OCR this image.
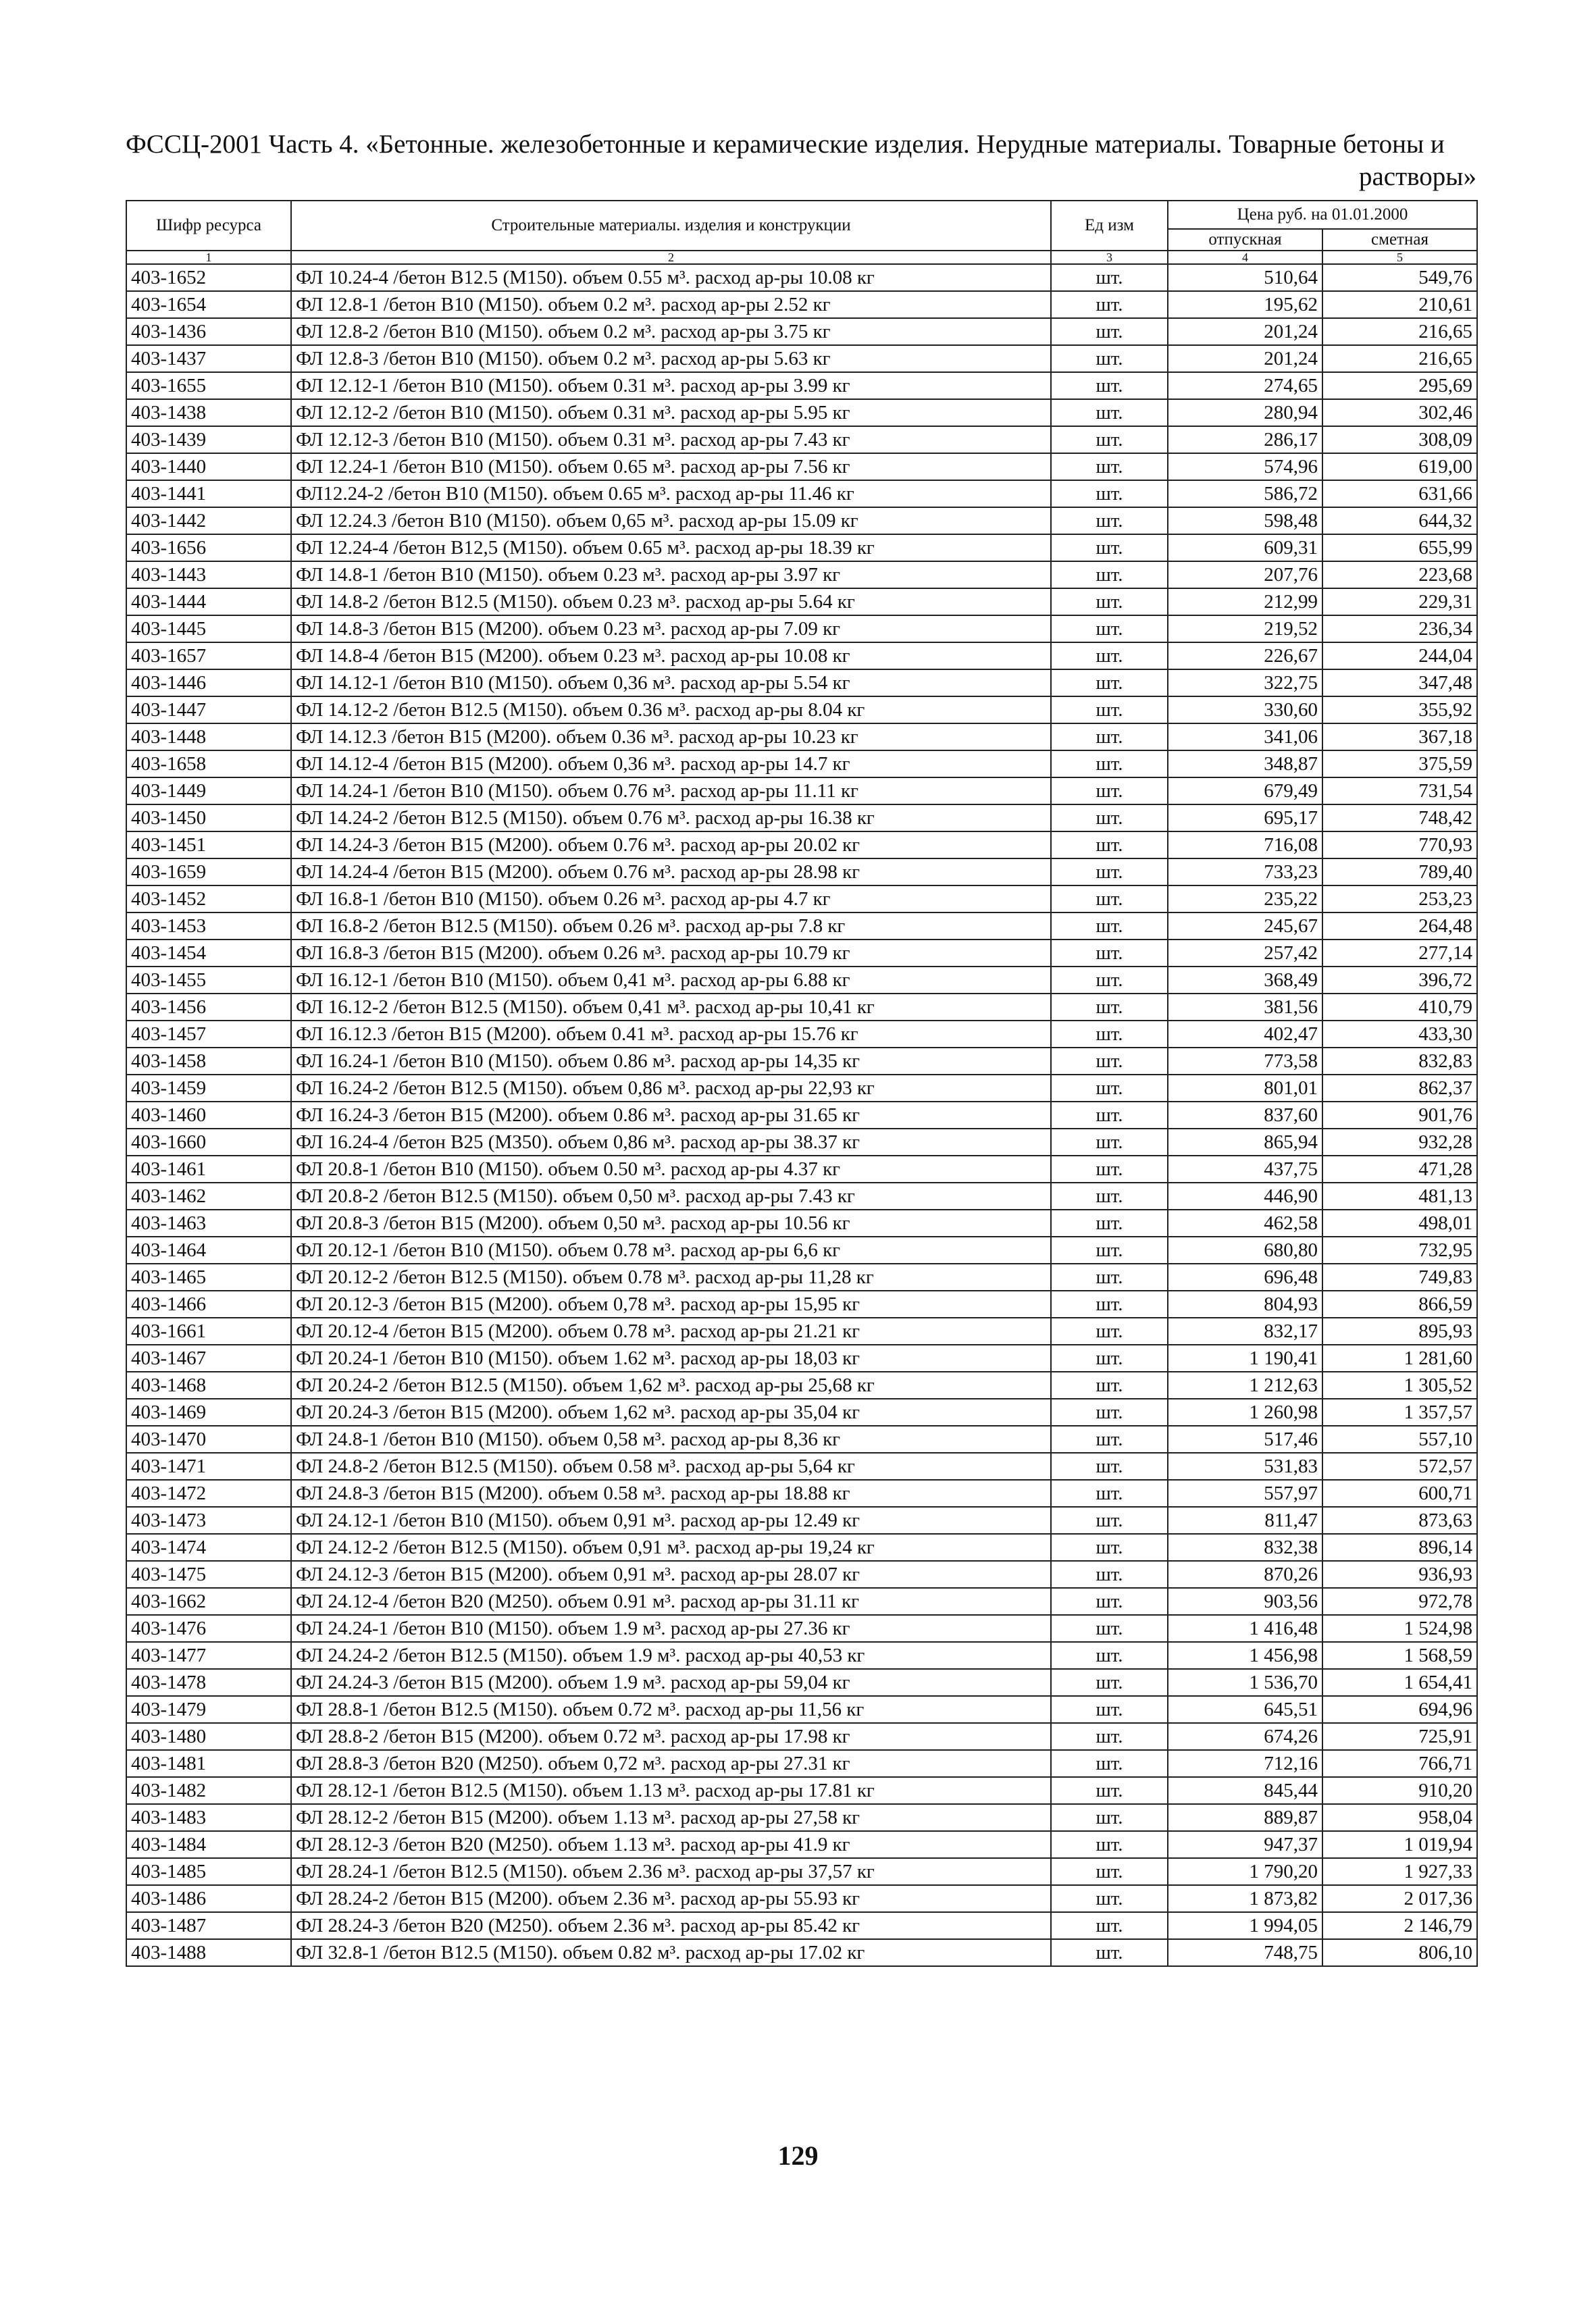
ФССЦ-2001 Часть 4. «Бетонные. железобетонные и керамические изделия. Нерудные материалы. Товарные бетоны и
растворы»
Шифр ресурса	Строительные материалы. изделия и конструкции	Ед изм	Цена руб. на 01.01.2000	
			отпускная	сметная
1	2	3	4	5
403-1652	ФЛ 10.24-4 /бетон В12.5 (М150). объем 0.55 м³. расход ар-ры 10.08 кг	шт.	510,64	549,76
403-1654	ФЛ 12.8-1 /бетон В10 (М150). объем 0.2 м³. расход ар-ры 2.52 кг	шт.	195,62	210,61
403-1436	ФЛ 12.8-2 /бетон В10 (М150). объем 0.2 м³. расход ар-ры 3.75 кг	шт.	201,24	216,65
403-1437	ФЛ 12.8-3 /бетон В10 (М150). объем 0.2 м³. расход ар-ры 5.63 кг	шт.	201,24	216,65
403-1655	ФЛ 12.12-1 /бетон В10 (М150). объем 0.31 м³. расход ар-ры 3.99 кг	шт.	274,65	295,69
403-1438	ФЛ 12.12-2 /бетон В10 (М150). объем 0.31 м³. расход ар-ры 5.95 кг	шт.	280,94	302,46
403-1439	ФЛ 12.12-3 /бетон В10 (М150). объем 0.31 м³. расход ар-ры 7.43 кг	шт.	286,17	308,09
403-1440	ФЛ 12.24-1 /бетон В10 (М150). объем 0.65 м³. расход ар-ры 7.56 кг	шт.	574,96	619,00
403-1441	ФЛ12.24-2 /бетон В10 (М150). объем 0.65 м³. расход ар-ры 11.46 кг	шт.	586,72	631,66
403-1442	ФЛ 12.24.3 /бетон В10 (М150). объем 0,65 м³. расход ар-ры 15.09 кг	шт.	598,48	644,32
403-1656	ФЛ 12.24-4 /бетон В12,5 (М150). объем 0.65 м³. расход ар-ры 18.39 кг	шт.	609,31	655,99
403-1443	ФЛ 14.8-1 /бетон В10 (М150). объем 0.23 м³. расход ар-ры 3.97 кг	шт.	207,76	223,68
403-1444	ФЛ 14.8-2 /бетон В12.5 (М150). объем 0.23 м³. расход ар-ры 5.64 кг	шт.	212,99	229,31
403-1445	ФЛ 14.8-3 /бетон В15 (М200). объем 0.23 м³. расход ар-ры 7.09 кг	шт.	219,52	236,34
403-1657	ФЛ 14.8-4 /бетон В15 (М200). объем 0.23 м³. расход ар-ры 10.08 кг	шт.	226,67	244,04
403-1446	ФЛ 14.12-1 /бетон В10 (М150). объем 0,36 м³. расход ар-ры 5.54 кг	шт.	322,75	347,48
403-1447	ФЛ 14.12-2 /бетон В12.5 (М150). объем 0.36 м³. расход ар-ры 8.04 кг	шт.	330,60	355,92
403-1448	ФЛ 14.12.3 /бетон В15 (М200). объем 0.36 м³. расход ар-ры 10.23 кг	шт.	341,06	367,18
403-1658	ФЛ 14.12-4 /бетон В15 (М200). объем 0,36 м³. расход ар-ры 14.7 кг	шт.	348,87	375,59
403-1449	ФЛ 14.24-1 /бетон В10 (М150). объем 0.76 м³. расход ар-ры 11.11 кг	шт.	679,49	731,54
403-1450	ФЛ 14.24-2 /бетон В12.5 (М150). объем 0.76 м³. расход ар-ры 16.38 кг	шт.	695,17	748,42
403-1451	ФЛ 14.24-3 /бетон В15 (М200). объем 0.76 м³. расход ар-ры 20.02 кг	шт.	716,08	770,93
403-1659	ФЛ 14.24-4 /бетон В15 (М200). объем 0.76 м³. расход ар-ры 28.98 кг	шт.	733,23	789,40
403-1452	ФЛ 16.8-1 /бетон В10 (М150). объем 0.26 м³. расход ар-ры 4.7 кг	шт.	235,22	253,23
403-1453	ФЛ 16.8-2 /бетон В12.5 (М150). объем 0.26 м³. расход ар-ры 7.8 кг	шт.	245,67	264,48
403-1454	ФЛ 16.8-3 /бетон В15 (М200). объем 0.26 м³. расход ар-ры 10.79 кг	шт.	257,42	277,14
403-1455	ФЛ 16.12-1 /бетон В10 (М150). объем 0,41 м³. расход ар-ры 6.88 кг	шт.	368,49	396,72
403-1456	ФЛ 16.12-2 /бетон В12.5 (М150). объем 0,41 м³. расход ар-ры 10,41 кг	шт.	381,56	410,79
403-1457	ФЛ 16.12.3 /бетон В15 (М200). объем 0.41 м³. расход ар-ры 15.76 кг	шт.	402,47	433,30
403-1458	ФЛ 16.24-1 /бетон В10 (М150). объем 0.86 м³. расход ар-ры 14,35 кг	шт.	773,58	832,83
403-1459	ФЛ 16.24-2 /бетон В12.5 (М150). объем 0,86 м³. расход ар-ры 22,93 кг	шт.	801,01	862,37
403-1460	ФЛ 16.24-3 /бетон В15 (М200). объем 0.86 м³. расход ар-ры 31.65 кг	шт.	837,60	901,76
403-1660	ФЛ 16.24-4 /бетон В25 (М350). объем 0,86 м³. расход ар-ры 38.37 кг	шт.	865,94	932,28
403-1461	ФЛ 20.8-1 /бетон В10 (М150). объем 0.50 м³. расход ар-ры 4.37 кг	шт.	437,75	471,28
403-1462	ФЛ 20.8-2 /бетон В12.5 (М150). объем 0,50 м³. расход ар-ры 7.43 кг	шт.	446,90	481,13
403-1463	ФЛ 20.8-3 /бетон В15 (М200). объем 0,50 м³. расход ар-ры 10.56 кг	шт.	462,58	498,01
403-1464	ФЛ 20.12-1 /бетон В10 (М150). объем 0.78 м³. расход ар-ры 6,6 кг	шт.	680,80	732,95
403-1465	ФЛ 20.12-2 /бетон В12.5 (М150). объем 0.78 м³. расход ар-ры 11,28 кг	шт.	696,48	749,83
403-1466	ФЛ 20.12-3 /бетон В15 (М200). объем 0,78 м³. расход ар-ры 15,95 кг	шт.	804,93	866,59
403-1661	ФЛ 20.12-4 /бетон В15 (М200). объем 0.78 м³. расход ар-ры 21.21 кг	шт.	832,17	895,93
403-1467	ФЛ 20.24-1 /бетон В10 (М150). объем 1.62 м³. расход ар-ры 18,03 кг	шт.	1 190,41	1 281,60
403-1468	ФЛ 20.24-2 /бетон В12.5 (М150). объем 1,62 м³. расход ар-ры 25,68 кг	шт.	1 212,63	1 305,52
403-1469	ФЛ 20.24-3 /бетон В15 (М200). объем 1,62 м³. расход ар-ры 35,04 кг	шт.	1 260,98	1 357,57
403-1470	ФЛ 24.8-1 /бетон В10 (М150). объем 0,58 м³. расход ар-ры 8,36 кг	шт.	517,46	557,10
403-1471	ФЛ 24.8-2 /бетон В12.5 (М150). объем 0.58 м³. расход ар-ры 5,64 кг	шт.	531,83	572,57
403-1472	ФЛ 24.8-3 /бетон В15 (М200). объем 0.58 м³. расход ар-ры 18.88 кг	шт.	557,97	600,71
403-1473	ФЛ 24.12-1 /бетон В10 (М150). объем 0,91 м³. расход ар-ры 12.49 кг	шт.	811,47	873,63
403-1474	ФЛ 24.12-2 /бетон В12.5 (М150). объем 0,91 м³. расход ар-ры 19,24 кг	шт.	832,38	896,14
403-1475	ФЛ 24.12-3 /бетон В15 (М200). объем 0,91 м³. расход ар-ры 28.07 кг	шт.	870,26	936,93
403-1662	ФЛ 24.12-4 /бетон В20 (М250). объем 0.91 м³. расход ар-ры 31.11 кг	шт.	903,56	972,78
403-1476	ФЛ 24.24-1 /бетон В10 (М150). объем 1.9 м³. расход ар-ры 27.36 кг	шт.	1 416,48	1 524,98
403-1477	ФЛ 24.24-2 /бетон В12.5 (М150). объем 1.9 м³. расход ар-ры 40,53 кг	шт.	1 456,98	1 568,59
403-1478	ФЛ 24.24-3 /бетон В15 (М200). объем 1.9 м³. расход ар-ры 59,04 кг	шт.	1 536,70	1 654,41
403-1479	ФЛ 28.8-1 /бетон В12.5 (М150). объем 0.72 м³. расход ар-ры 11,56 кг	шт.	645,51	694,96
403-1480	ФЛ 28.8-2 /бетон В15 (М200). объем 0.72 м³. расход ар-ры 17.98 кг	шт.	674,26	725,91
403-1481	ФЛ 28.8-3 /бетон В20 (М250). объем 0,72 м³. расход ар-ры 27.31 кг	шт.	712,16	766,71
403-1482	ФЛ 28.12-1 /бетон В12.5 (М150). объем 1.13 м³. расход ар-ры 17.81 кг	шт.	845,44	910,20
403-1483	ФЛ 28.12-2 /бетон В15 (М200). объем 1.13 м³. расход ар-ры 27,58 кг	шт.	889,87	958,04
403-1484	ФЛ 28.12-3 /бетон В20 (М250). объем 1.13 м³. расход ар-ры 41.9 кг	шт.	947,37	1 019,94
403-1485	ФЛ 28.24-1 /бетон В12.5 (М150). объем 2.36 м³. расход ар-ры 37,57 кг	шт.	1 790,20	1 927,33
403-1486	ФЛ 28.24-2 /бетон В15 (М200). объем 2.36 м³. расход ар-ры 55.93 кг	шт.	1 873,82	2 017,36
403-1487	ФЛ 28.24-3 /бетон В20 (М250). объем 2.36 м³. расход ар-ры 85.42 кг	шт.	1 994,05	2 146,79
403-1488	ФЛ 32.8-1 /бетон В12.5 (М150). объем 0.82 м³. расход ар-ры 17.02 кг	шт.	748,75	806,10
129
